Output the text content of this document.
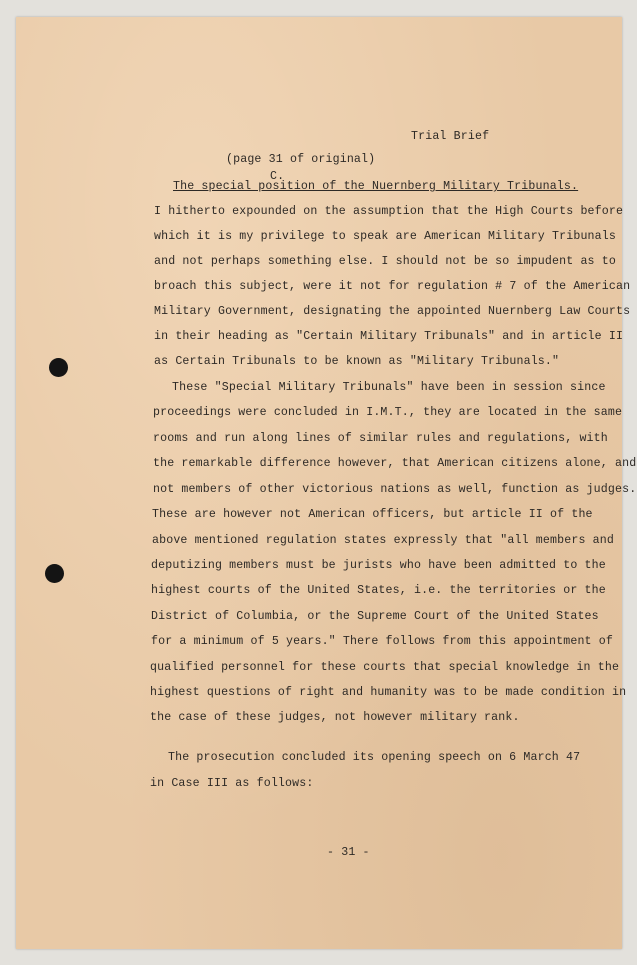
Trial Brief
(page 31 of original)
C.
The special position of the Nuernberg Military Tribunals.
I hitherto expounded on the assumption that the High Courts before
which it is my privilege to speak are American Military Tribunals
and not perhaps something else. I should not be so impudent as to
broach this subject, were it not for regulation # 7 of the American
Military Government, designating the appointed Nuernberg Law Courts
in their heading as "Certain Military Tribunals" and in article II
as Certain Tribunals to be known as "Military Tribunals."
These "Special Military Tribunals" have been in session since
proceedings were concluded in I.M.T., they are located in the same
rooms and run along lines of similar rules and regulations, with
the remarkable difference however, that American citizens alone, and
not members of other victorious nations as well, function as judges.
These are however not American officers, but article II of the
above mentioned regulation states expressly that "all members and
deputizing members must be jurists who have been admitted to the
highest courts of the United States, i.e. the territories or the
District of Columbia, or the Supreme Court of the United States
for a minimum of 5 years." There follows from this appointment of
qualified personnel for these courts that special knowledge in the
highest questions of right and humanity was to be made condition in
the case of these judges, not however military rank.
The prosecution concluded its opening speech on 6 March 47
in Case III as follows:
- 31 -
